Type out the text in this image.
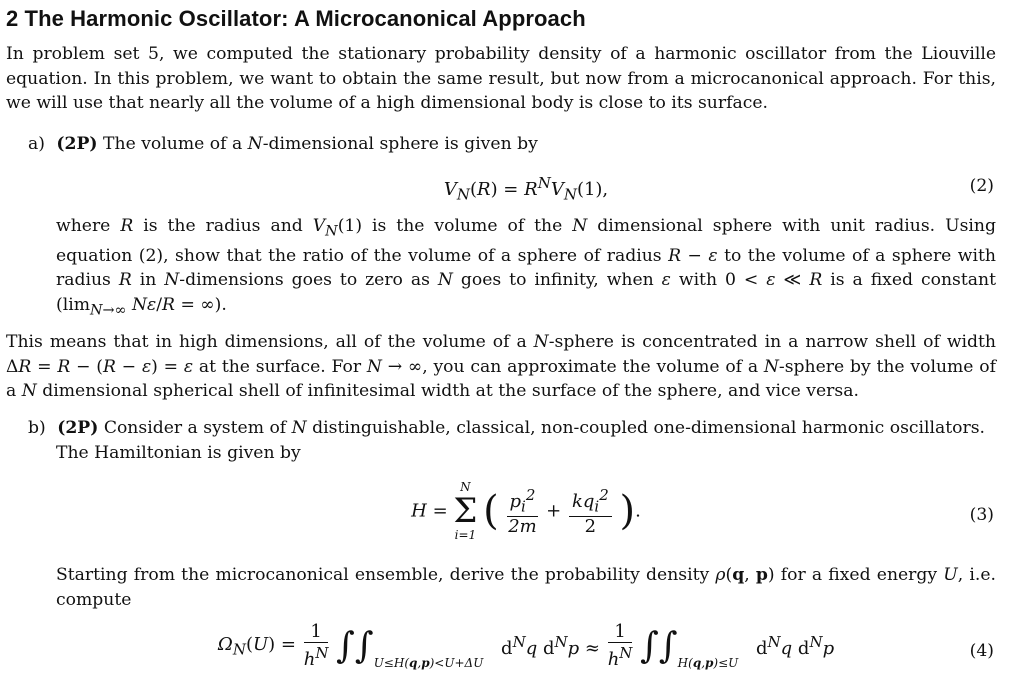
2 The Harmonic Oscillator: A Microcanonical Approach

In problem set 5, we computed the stationary probability density of a harmonic oscillator from the Liouville equation. In this problem, we want to obtain the same result, but now from a microcanonical approach. For this, we will use that nearly all the volume of a high dimensional body is close to its surface.

a) (2P) The volume of a N-dimensional sphere is given by

$V_N(R) = R^NV_N(1)$,	(2)

where R is the radius and $V_N(1)$ is the volume of the N dimensional sphere with unit radius. Using equation (2), show that the ratio of the volume of a sphere of radius R − ε to the volume of a sphere with radius R in N-dimensions goes to zero as N goes to infinity, when ε with 0 < ε ≪ R is a fixed constant ($\lim_{N\to\infty}$ Nε/R = ∞).

This means that in high dimensions, all of the volume of a N-sphere is concentrated in a narrow shell of width ΔR = R − (R − ε) = ε at the surface. For N → ∞, you can approximate the volume of a N-sphere by the volume of a N dimensional spherical shell of infinitesimal width at the surface of the sphere, and vice versa.

b) (2P) Consider a system of N distinguishable, classical, non-coupled one-dimensional harmonic oscillators.

The Hamiltonian is given by

H =
N
Σ
i=1
( $\frac{p_i^2}{2m} + \frac{kq_i^2}{2}$ ).	(3)

Starting from the microcanonical ensemble, derive the probability density ρ(q, p) for a fixed energy U, i.e. compute

$\Omega_N(U) = \frac{1}{h^N} \int\int_{U\le H(q,p)<U+\Delta U}$ $d^Nq$ $d^Np \approx \frac{1}{h^N} \int\int_{H(q,p)\le U}$ $d^Nq$ $d^Np$	(4)
